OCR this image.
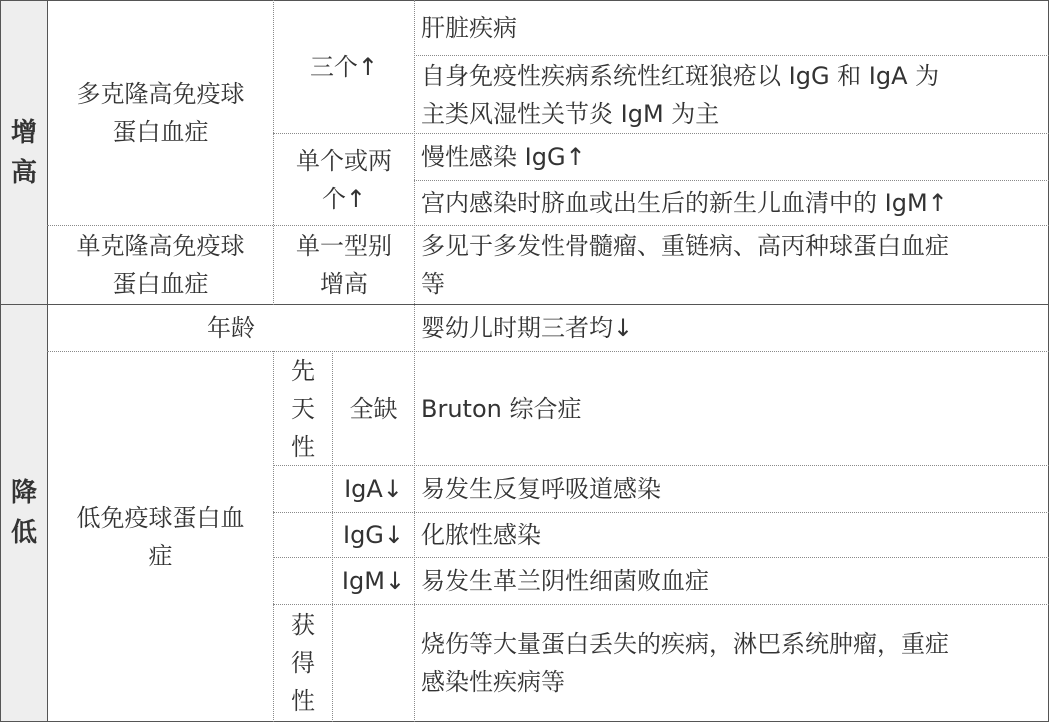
增
高
降
低
多克隆高免疫球
蛋白血症
三个↑
肝脏疾病
自身免疫性疾病系统性红斑狼疮以 IgG 和 IgA 为
主类风湿性关节炎 IgM 为主
单个或两
个↑
慢性感染 IgG↑
宫内感染时脐血或出生后的新生儿血清中的 IgM↑
单克隆高免疫球
蛋白血症
单一型别
增高
多见于多发性骨髓瘤、重链病、高丙种球蛋白血症
等
年龄	婴幼儿时期三者均↓
低免疫球蛋白血
症
先
天
性
全缺 Bruton 综合症
IgA↓ 易发生反复呼吸道感染
IgG↓ 化脓性感染
IgM↓ 易发生革兰阴性细菌败血症
获
得
性
烧伤等大量蛋白丢失的疾病，淋巴系统肿瘤，重症
感染性疾病等
